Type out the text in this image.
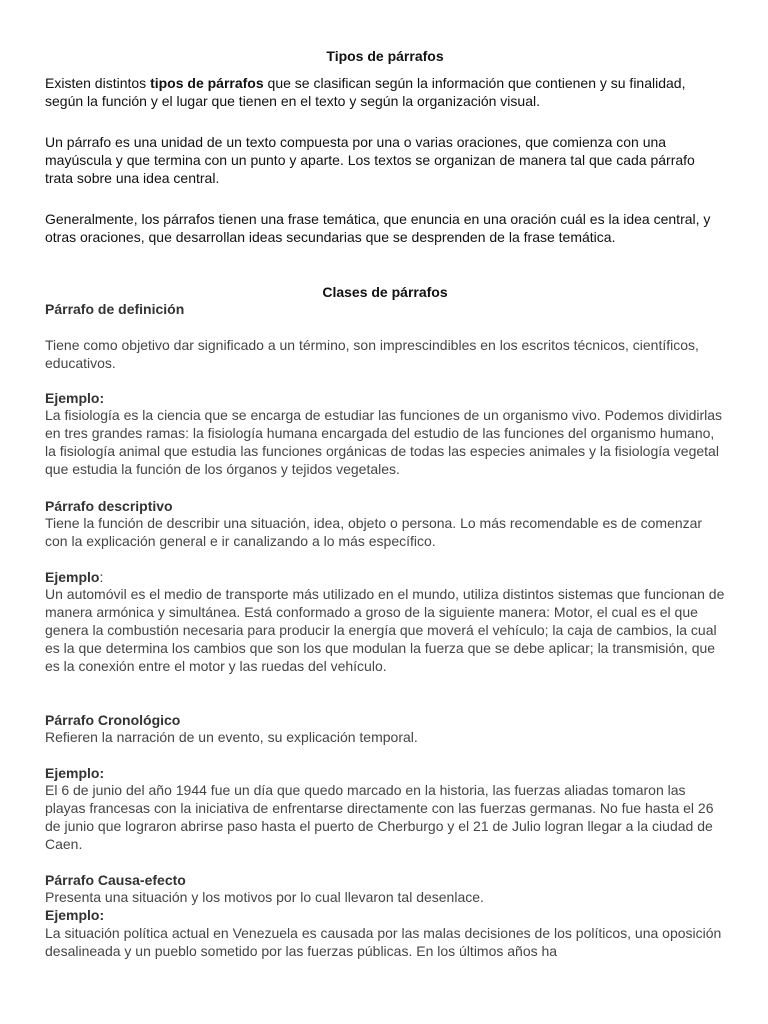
Tipos de párrafos

Existen distintos tipos de párrafos que se clasifican según la información que contienen y su finalidad, según la función y el lugar que tienen en el texto y según la organización visual.

Un párrafo es una unidad de un texto compuesta por una o varias oraciones, que comienza con una mayúscula y que termina con un punto y aparte. Los textos se organizan de manera tal que cada párrafo trata sobre una idea central.

Generalmente, los párrafos tienen una frase temática, que enuncia en una oración cuál es la idea central, y otras oraciones, que desarrollan ideas secundarias que se desprenden de la frase temática.

Clases de párrafos
Párrafo de definición

Tiene como objetivo dar significado a un término, son imprescindibles en los escritos técnicos, científicos, educativos.

Ejemplo:

La fisiología es la ciencia que se encarga de estudiar las funciones de un organismo vivo. Podemos dividirlas en tres grandes ramas: la fisiología humana encargada del estudio de las funciones del organismo humano, la fisiología animal que estudia las funciones orgánicas de todas las especies animales y la fisiología vegetal que estudia la función de los órganos y tejidos vegetales.

Párrafo descriptivo

Tiene la función de describir una situación, idea, objeto o persona. Lo más recomendable es de comenzar con la explicación general e ir canalizando a lo más específico.

Ejemplo:

Un automóvil es el medio de transporte más utilizado en el mundo, utiliza distintos sistemas que funcionan de manera armónica y simultánea. Está conformado a groso de la siguiente manera: Motor, el cual es el que genera la combustión necesaria para producir la energía que moverá el vehículo; la caja de cambios, la cual es la que determina los cambios que son los que modulan la fuerza que se debe aplicar; la transmisión, que es la conexión entre el motor y las ruedas del vehículo.

Párrafo Cronológico

Refieren la narración de un evento, su explicación temporal.

Ejemplo:

El 6 de junio del año 1944 fue un día que quedo marcado en la historia, las fuerzas aliadas tomaron las playas francesas con la iniciativa de enfrentarse directamente con las fuerzas germanas. No fue hasta el 26 de junio que lograron abrirse paso hasta el puerto de Cherburgo y el 21 de Julio logran llegar a la ciudad de Caen.

Párrafo Causa-efecto

Presenta una situación y los motivos por lo cual llevaron tal desenlace.

Ejemplo:

La situación política actual en Venezuela es causada por las malas decisiones de los políticos, una oposición desalineada y un pueblo sometido por las fuerzas públicas. En los últimos años ha
